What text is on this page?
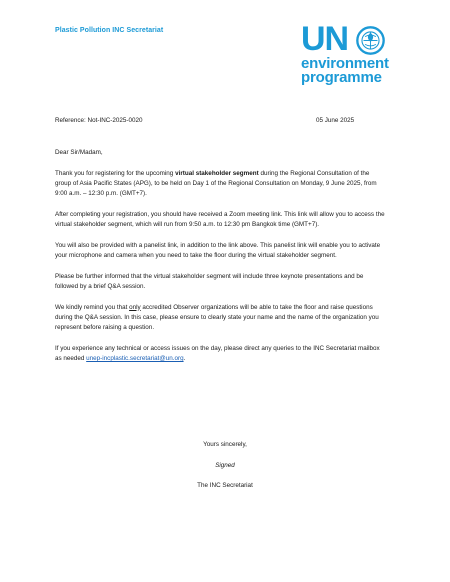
Plastic Pollution INC Secretariat	UN
environment
programme
Reference: Not-INC-2025-0020	05 June 2025

Dear Sir/Madam,

Thank you for registering for the upcoming virtual stakeholder segment during the Regional Consultation of the group of Asia Pacific States (APG), to be held on Day 1 of the Regional Consultation on Monday, 9 June 2025, from 9:00 a.m. – 12:30 p.m. (GMT+7).

After completing your registration, you should have received a Zoom meeting link. This link will allow you to access the virtual stakeholder segment, which will run from 9:50 a.m. to 12:30 pm Bangkok time (GMT+7).

You will also be provided with a panelist link, in addition to the link above. This panelist link will enable you to activate your microphone and camera when you need to take the floor during the virtual stakeholder segment.

Please be further informed that the virtual stakeholder segment will include three keynote presentations and be followed by a brief Q&A session.

We kindly remind you that only accredited Observer organizations will be able to take the floor and raise questions during the Q&A session. In this case, please ensure to clearly state your name and the name of the organization you represent before raising a question.

If you experience any technical or access issues on the day, please direct any queries to the INC Secretariat mailbox as needed unep-incplastic.secretariat@un.org.

Yours sincerely,
Signed
The INC Secretariat
